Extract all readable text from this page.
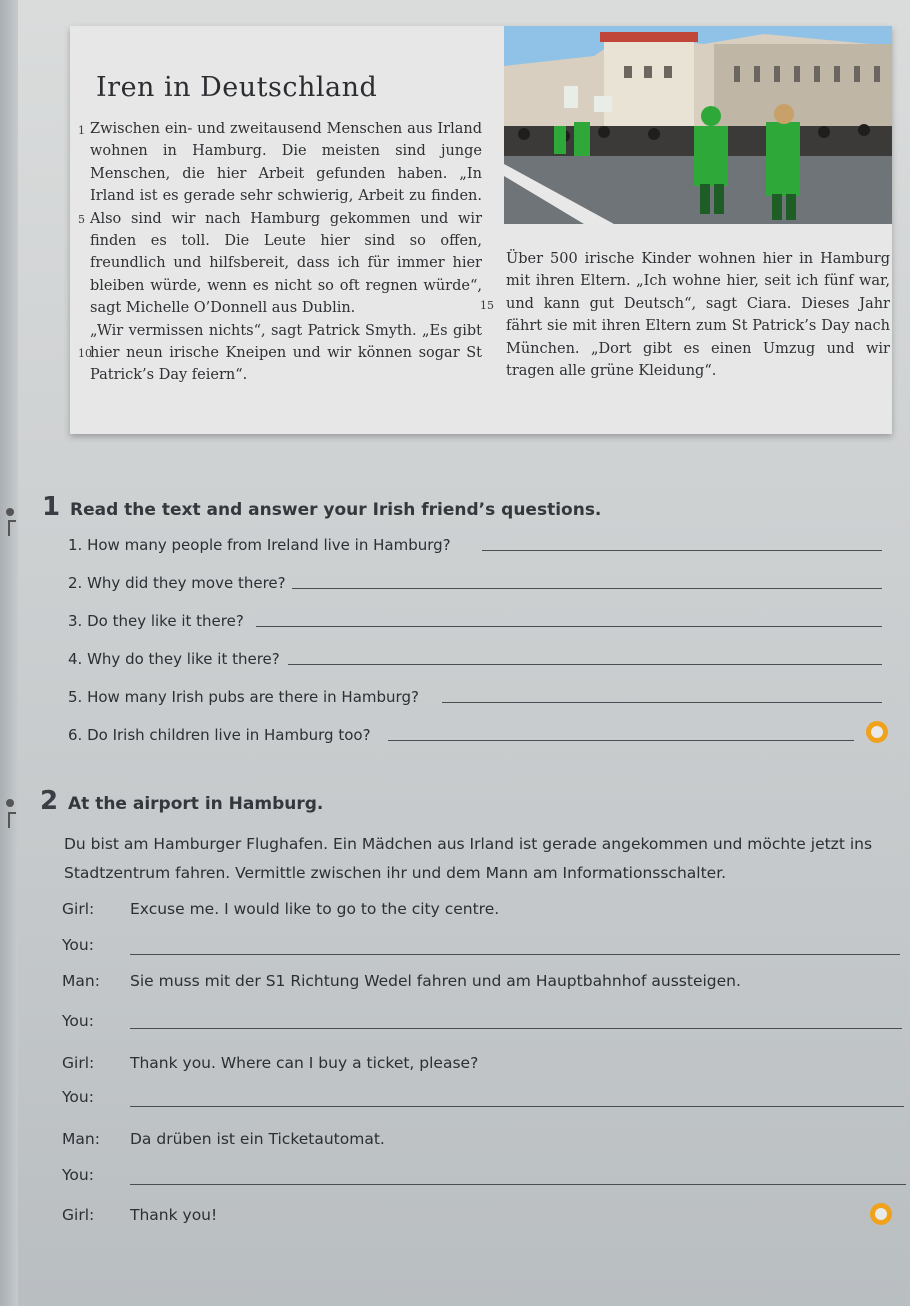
Iren in Deutschland
1
5
10

Zwischen ein- und zweitausend Menschen aus Irland wohnen in Hamburg. Die meisten sind junge Menschen, die hier Arbeit gefunden haben. „In Irland ist es gerade sehr schwierig, Arbeit zu finden. Also sind wir nach Hamburg gekommen und wir finden es toll. Die Leute hier sind so offen, freundlich und hilfsbereit, dass ich für immer hier bleiben würde, wenn es nicht so oft regnen würde“, sagt Michelle O’Donnell aus Dublin.

„Wir vermissen nichts“, sagt Patrick Smyth. „Es gibt hier neun irische Kneipen und wir können sogar St Patrick’s Day feiern“.

15

Über 500 irische Kinder wohnen hier in Hamburg mit ihren Eltern. „Ich wohne hier, seit ich fünf war, und kann gut Deutsch“, sagt Ciara. Dieses Jahr fährt sie mit ihren Eltern zum St Patrick’s Day nach München. „Dort gibt es einen Umzug und wir tragen alle grüne Kleidung“.

1 Read the text and answer your Irish friend’s questions.
1. How many people from Ireland live in Hamburg?
2. Why did they move there?
3. Do they like it there?
4. Why do they like it there?
5. How many Irish pubs are there in Hamburg?
6. Do Irish children live in Hamburg too?
2 At the airport in Hamburg.

Du bist am Hamburger Flughafen. Ein Mädchen aus Irland ist gerade angekommen und möchte jetzt ins Stadtzentrum fahren. Vermittle zwischen ihr und dem Mann am Informationsschalter.

Girl: Excuse me. I would like to go to the city centre.
You:
Man: Sie muss mit der S1 Richtung Wedel fahren und am Hauptbahnhof aussteigen.
You:
Girl: Thank you. Where can I buy a ticket, please?
You:
Man: Da drüben ist ein Ticketautomat.
You:
Girl: Thank you!
